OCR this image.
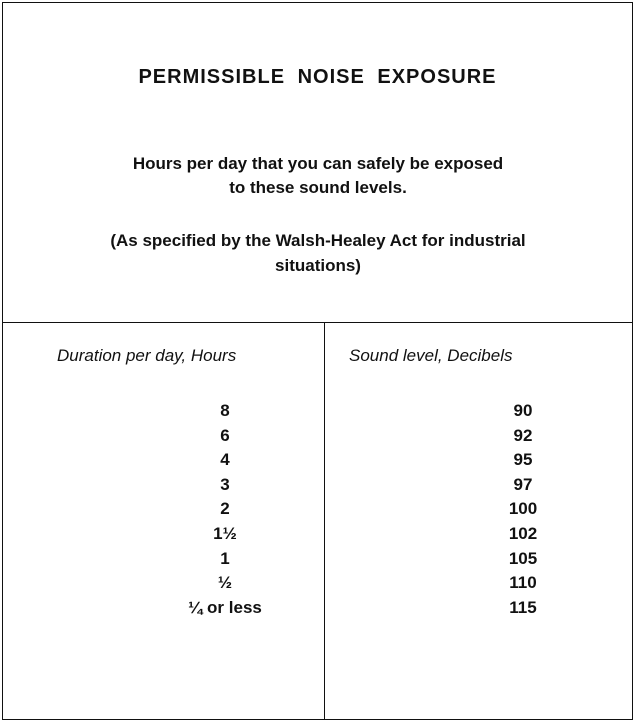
PERMISSIBLE NOISE EXPOSURE
Hours per day that you can safely be exposed to these sound levels.
(As specified by the Walsh-Healey Act for industrial situations)
Duration per day, Hours	Sound level, Decibels
8
6
4
3
2
1½
1
½
¼ or less
90
92
95
97
100
102
105
110
115
